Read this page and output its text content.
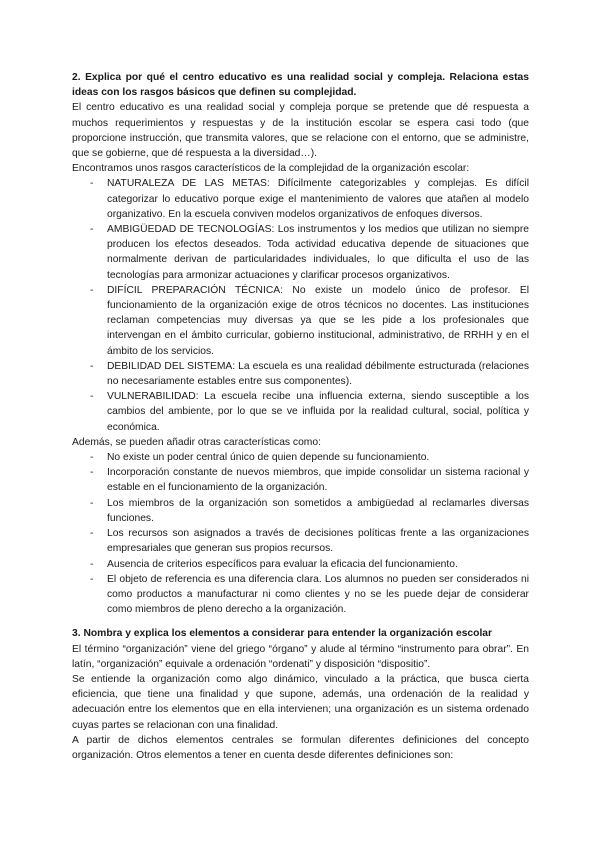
2. Explica por qué el centro educativo es una realidad social y compleja. Relaciona estas ideas con los rasgos básicos que definen su complejidad.

El centro educativo es una realidad social y compleja porque se pretende que dé respuesta a muchos requerimientos y respuestas y de la institución escolar se espera casi todo (que proporcione instrucción, que transmita valores, que se relacione con el entorno, que se administre, que se gobierne, que dé respuesta a la diversidad…).

Encontramos unos rasgos característicos de la complejidad de la organización escolar:

- NATURALEZA DE LAS METAS: Difícilmente categorizables y complejas. Es difícil categorizar lo educativo porque exige el mantenimiento de valores que atañen al modelo organizativo. En la escuela conviven modelos organizativos de enfoques diversos.
- AMBIGÜEDAD DE TECNOLOGÍAS: Los instrumentos y los medios que utilizan no siempre producen los efectos deseados. Toda actividad educativa depende de situaciones que normalmente derivan de particularidades individuales, lo que dificulta el uso de las tecnologías para armonizar actuaciones y clarificar procesos organizativos.
- DIFÍCIL PREPARACIÓN TÉCNICA: No existe un modelo único de profesor. El funcionamiento de la organización exige de otros técnicos no docentes. Las instituciones reclaman competencias muy diversas ya que se les pide a los profesionales que intervengan en el ámbito curricular, gobierno institucional, administrativo, de RRHH y en el ámbito de los servicios.
- DEBILIDAD DEL SISTEMA: La escuela es una realidad débilmente estructurada (relaciones no necesariamente estables entre sus componentes).
- VULNERABILIDAD: La escuela recibe una influencia externa, siendo susceptible a los cambios del ambiente, por lo que se ve influida por la realidad cultural, social, política y económica.

Además, se pueden añadir otras características como:

- No existe un poder central único de quien depende su funcionamiento.
- Incorporación constante de nuevos miembros, que impide consolidar un sistema racional y estable en el funcionamiento de la organización.
- Los miembros de la organización son sometidos a ambigüedad al reclamarles diversas funciones.
- Los recursos son asignados a través de decisiones políticas frente a las organizaciones empresariales que generan sus propios recursos.
- Ausencia de criterios específicos para evaluar la eficacia del funcionamiento.
- El objeto de referencia es una diferencia clara. Los alumnos no pueden ser considerados ni como productos a manufacturar ni como clientes y no se les puede dejar de considerar como miembros de pleno derecho a la organización.
3. Nombra y explica los elementos a considerar para entender la organización escolar

El término “organización” viene del griego “órgano” y alude al término “instrumento para obrar”. En latín, “organización” equivale a ordenación “ordenati” y disposición “dispositio”.

Se entiende la organización como algo dinámico, vinculado a la práctica, que busca cierta eficiencia, que tiene una finalidad y que supone, además, una ordenación de la realidad y adecuación entre los elementos que en ella intervienen; una organización es un sistema ordenado cuyas partes se relacionan con una finalidad.

A partir de dichos elementos centrales se formulan diferentes definiciones del concepto organización. Otros elementos a tener en cuenta desde diferentes definiciones son:
